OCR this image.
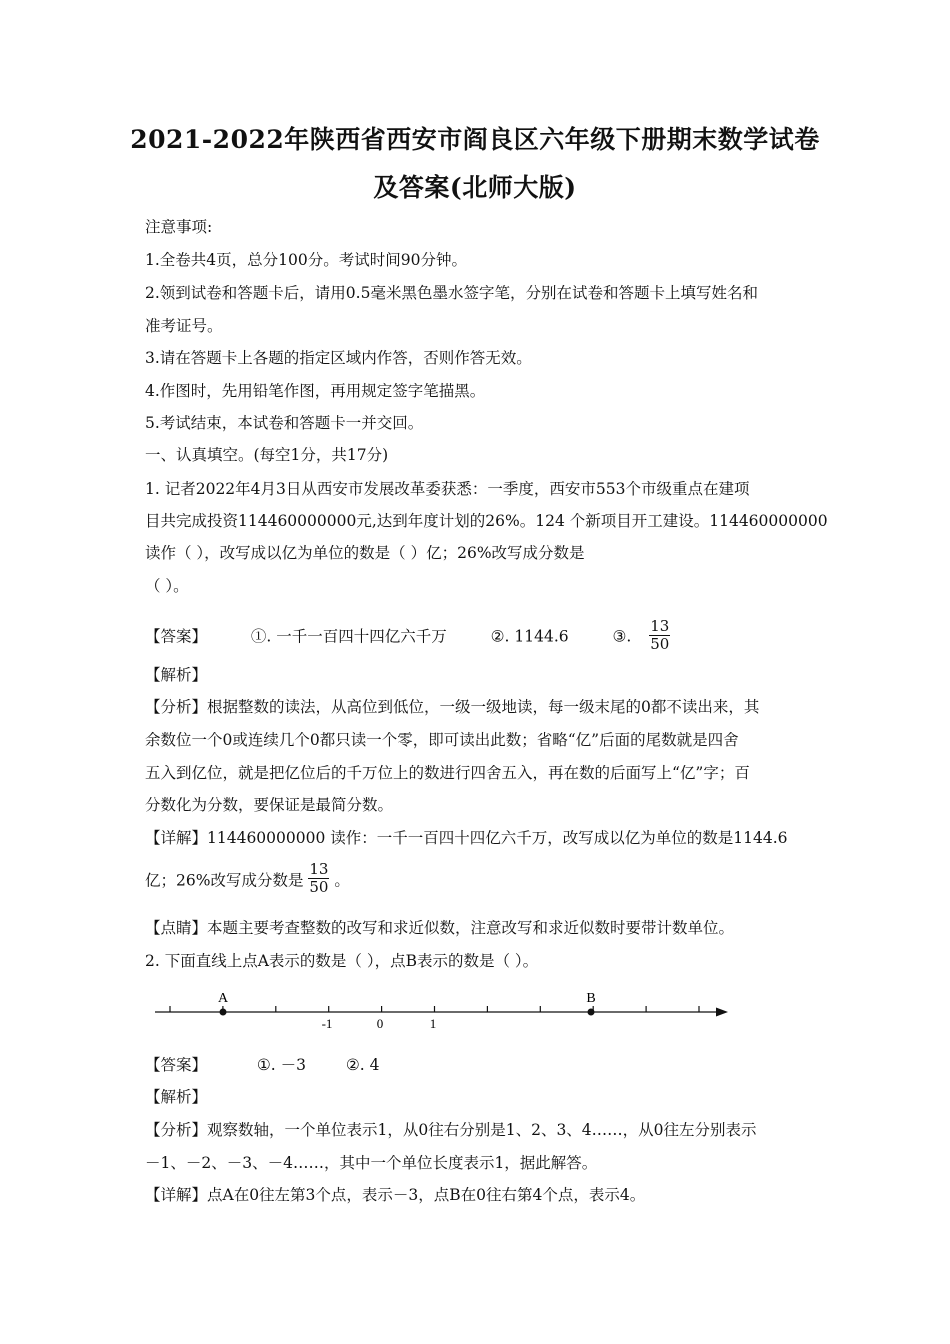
2021-2022年陕西省西安市阎良区六年级下册期末数学试卷
及答案(北师大版)
注意事项:
1.全卷共4页，总分100分。考试时间90分钟。
2.领到试卷和答题卡后，请用0.5毫米黑色墨水签字笔，分别在试卷和答题卡上填写姓名和
准考证号。
3.请在答题卡上各题的指定区域内作答，否则作答无效。
4.作图时，先用铅笔作图，再用规定签字笔描黑。
5.考试结束，本试卷和答题卡一并交回。
一、认真填空。(每空1分，共17分)
1. 记者2022年4月3日从西安市发展改革委获悉：一季度，西安市553个市级重点在建项
目共完成投资114460000000元,达到年度计划的26%。124 个新项目开工建设。114460000000
读作（ ），改写成以亿为单位的数是（ ）亿；26%改写成分数是
（ ）。
【答案】	①. 一千一百四十四亿六千万	②. 1144.6	③. $\frac{13}{50}$
【解析】
【分析】根据整数的读法，从高位到低位，一级一级地读，每一级末尾的0都不读出来，其
余数位一个0或连续几个0都只读一个零，即可读出此数；省略“亿”后面的尾数就是四舍
五入到亿位，就是把亿位后的千万位上的数进行四舍五入，再在数的后面写上“亿”字；百
分数化为分数，要保证是最简分数。
【详解】114460000000 读作：一千一百四十四亿六千万，改写成以亿为单位的数是1144.6
亿；26%改写成分数是 $\frac{13}{50}$ 。
【点睛】本题主要考查整数的改写和求近似数，注意改写和求近似数时要带计数单位。
2. 下面直线上点A表示的数是（ ），点B表示的数是（ ）。
A	B
-1	0	1
【答案】	①. －3	②. 4
【解析】
【分析】观察数轴，一个单位表示1，从0往右分别是1、2、3、4……，从0往左分别表示
－1、－2、－3、－4……，其中一个单位长度表示1，据此解答。
【详解】点A在0往左第3个点，表示－3，点B在0往右第4个点，表示4。
